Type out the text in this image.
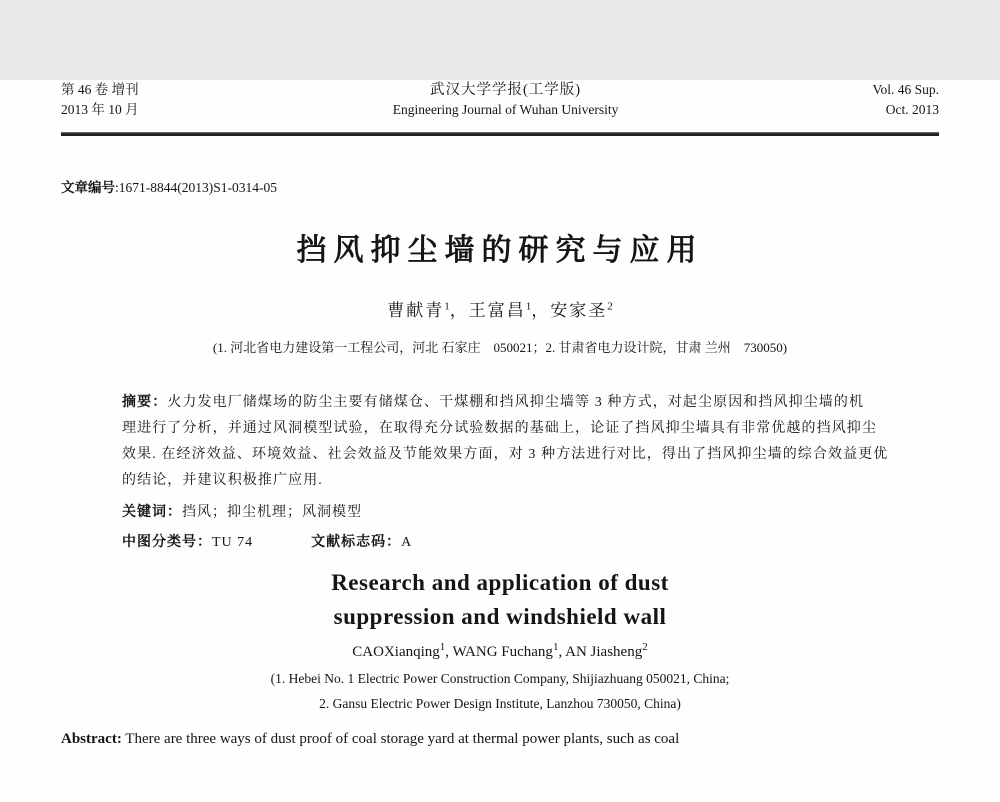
第 46 卷 增刊
2013 年 10 月
武汉大学学报(工学版)
Engineering Journal of Wuhan University
Vol. 46 Sup.
Oct. 2013
文章编号:1671-8844(2013)S1-0314-05
挡风抑尘墙的研究与应用
曹献青$^1$，王富昌$^1$，安家圣$^2$
(1. 河北省电力建设第一工程公司，河北 石家庄　050021；2. 甘肃省电力设计院，甘肃 兰州　730050)
摘要：火力发电厂储煤场的防尘主要有储煤仓、干煤棚和挡风抑尘墙等 3 种方式，对起尘原因和挡风抑尘墙的机
理进行了分析，并通过风洞模型试验，在取得充分试验数据的基础上，论证了挡风抑尘墙具有非常优越的挡风抑尘
效果. 在经济效益、环境效益、社会效益及节能效果方面，对 3 种方法进行对比，得出了挡风抑尘墙的综合效益更优
的结论，并建议积极推广应用.
关键词：挡风；抑尘机理；风洞模型
中图分类号：TU 74	文献标志码：A
Research and application of dust
suppression and windshield wall
CAOXianqing$^1$, WANG Fuchang$^1$, AN Jiasheng$^2$
(1. Hebei No. 1 Electric Power Construction Company, Shijiazhuang 050021, China;
2. Gansu Electric Power Design Institute, Lanzhou 730050, China)
Abstract: There are three ways of dust proof of coal storage yard at thermal power plants, such as coal
